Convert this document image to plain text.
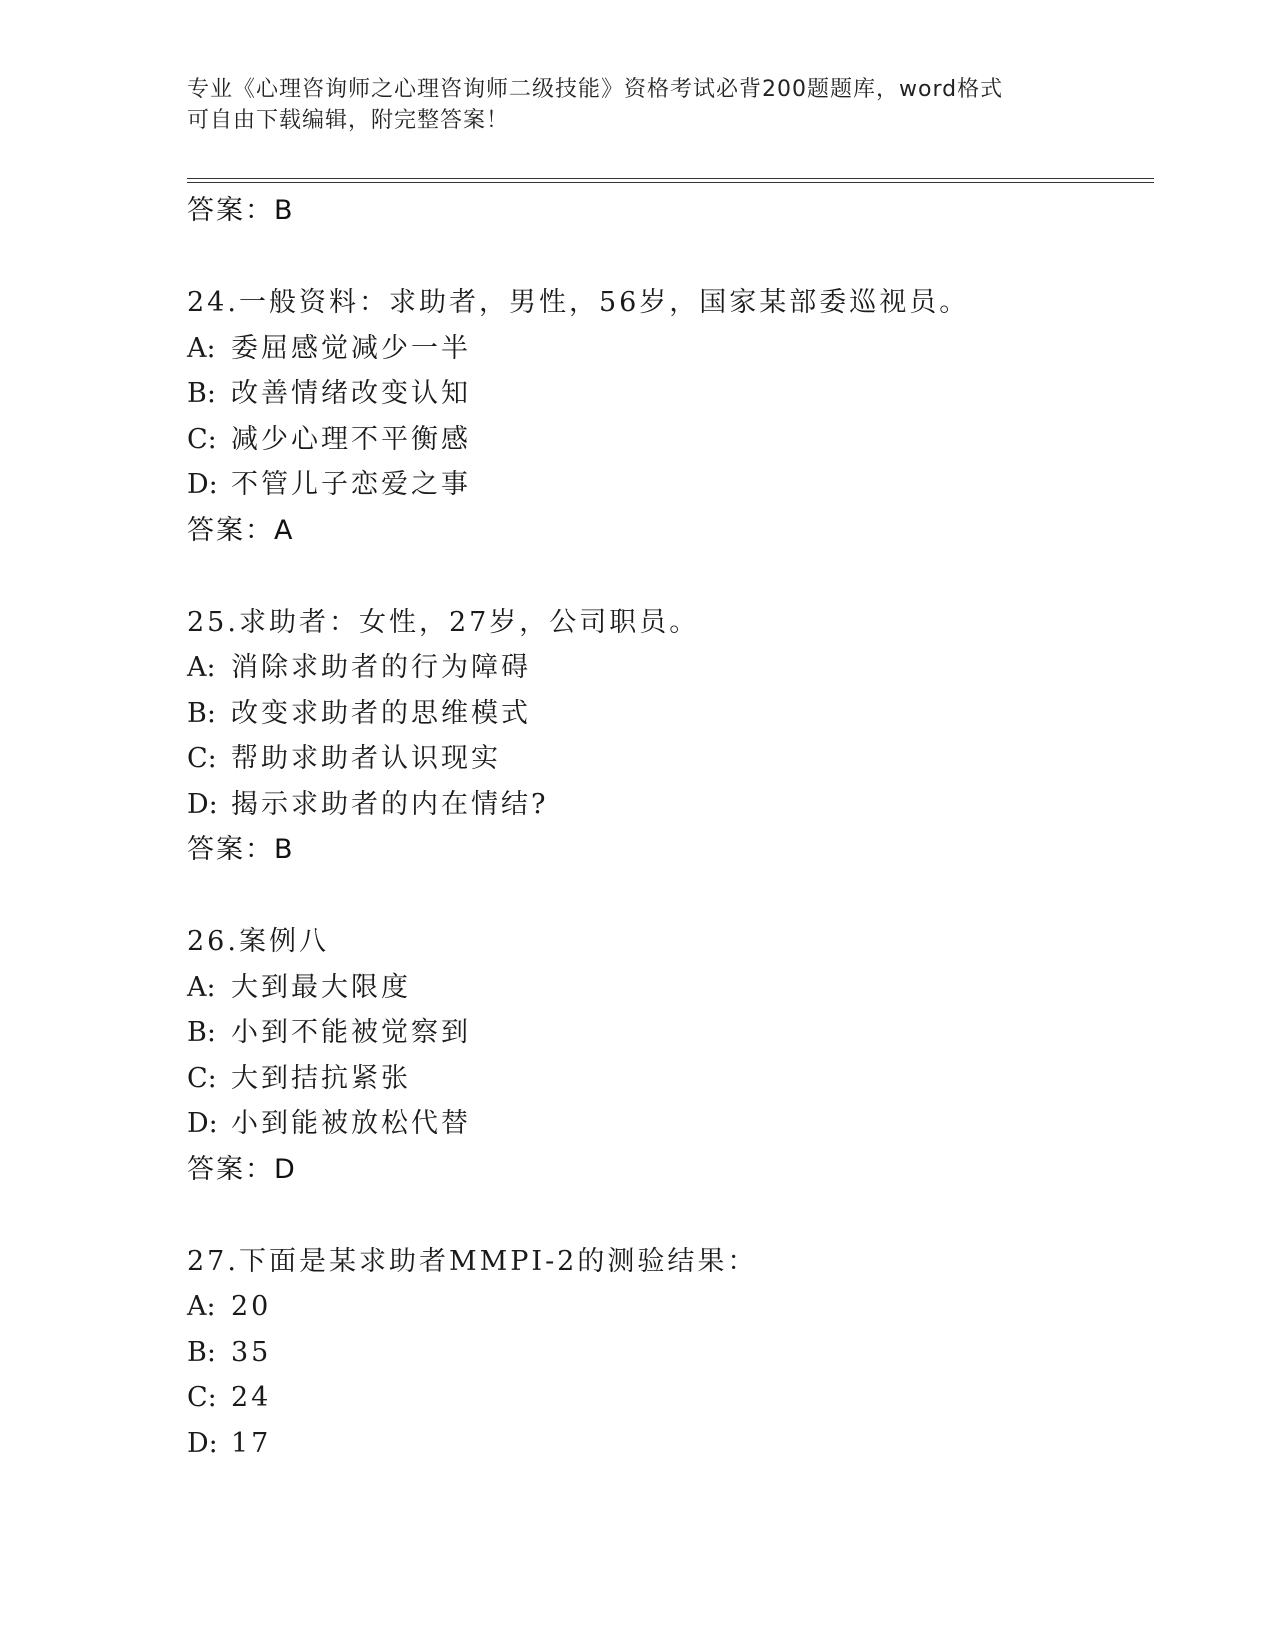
专业《心理咨询师之心理咨询师二级技能》资格考试必背200题题库，word格式
可自由下载编辑，附完整答案！
答案：B
24.一般资料：求助者，男性，56岁，国家某部委巡视员。
A: 委屈感觉减少一半
B: 改善情绪改变认知
C: 减少心理不平衡感
D: 不管儿子恋爱之事
答案：A
25.求助者：女性，27岁，公司职员。
A: 消除求助者的行为障碍
B: 改变求助者的思维模式
C: 帮助求助者认识现实
D: 揭示求助者的内在情结?
答案：B
26.案例八
A: 大到最大限度
B: 小到不能被觉察到
C: 大到拮抗紧张
D: 小到能被放松代替
答案：D
27.下面是某求助者MMPI-2的测验结果：
A: 20
B: 35
C: 24
D: 17
